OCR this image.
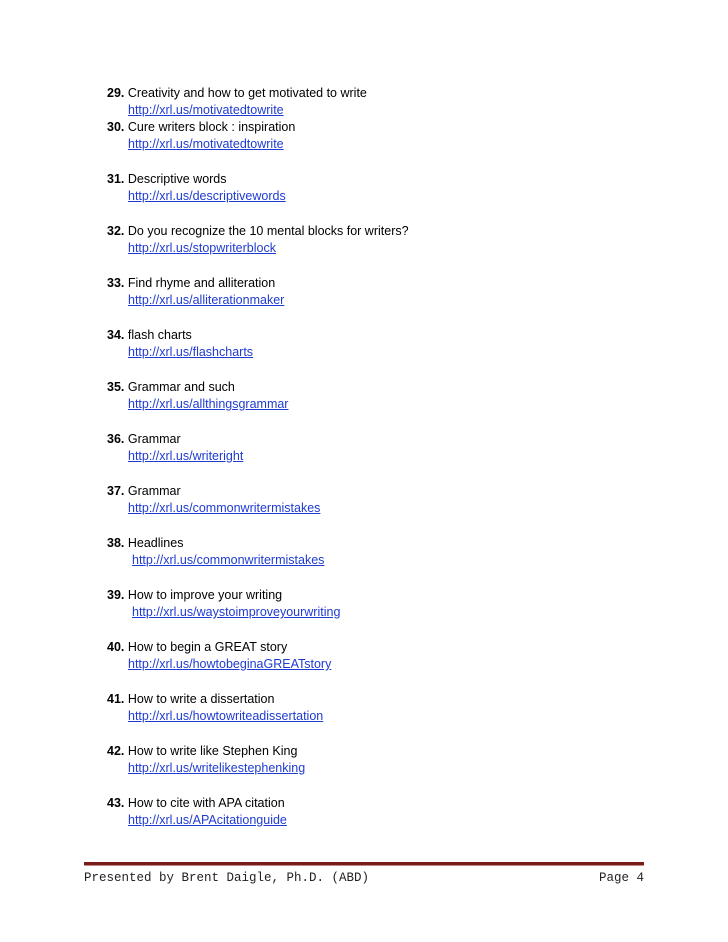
29. Creativity and how to get motivated to write
http://xrl.us/motivatedtowrite
30. Cure writers block : inspiration
http://xrl.us/motivatedtowrite
31. Descriptive words
http://xrl.us/descriptivewords
32. Do you recognize the 10 mental blocks for writers?
http://xrl.us/stopwriterblock
33. Find rhyme and alliteration
http://xrl.us/alliterationmaker
34. flash charts
http://xrl.us/flashcharts
35. Grammar and such
http://xrl.us/allthingsgrammar
36. Grammar
http://xrl.us/writeright
37. Grammar
http://xrl.us/commonwritermistakes
38. Headlines
http://xrl.us/commonwritermistakes
39. How to improve your writing
http://xrl.us/waystoimproveyourwriting
40. How to begin a GREAT story
http://xrl.us/howtobeginaGREATstory
41. How to write a dissertation
http://xrl.us/howtowriteadissertation
42. How to write like Stephen King
http://xrl.us/writelikestephenking
43. How to cite with APA citation
http://xrl.us/APAcitationguide
Presented by Brent Daigle, Ph.D. (ABD)	Page 4
